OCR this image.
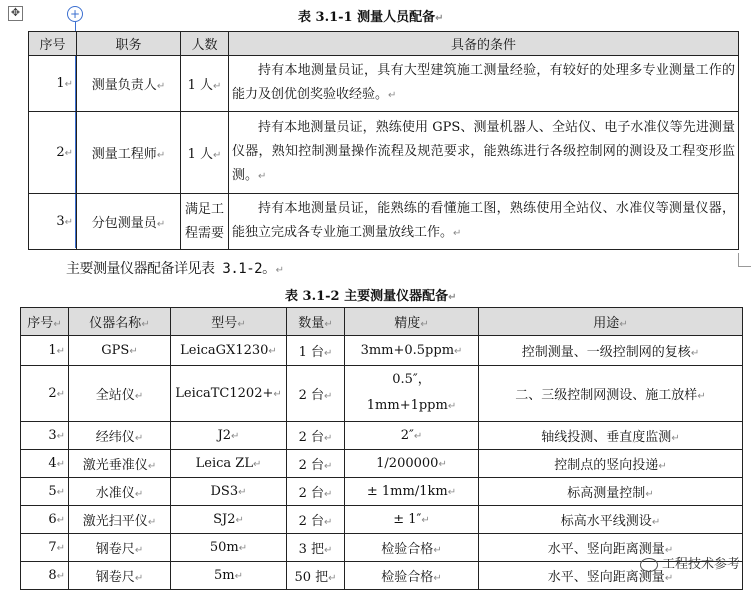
✥	+	表 3.1-1 测量人员配备↵
序号	职务	人数	具备的条件
1↵	测量负责人↵	1 人↵	持有本地测量员证，具有大型建筑施工测量经验，有较好的处理多专业测量工作的能力及创优创奖验收经验。↵
2↵	测量工程师↵	1 人↵	持有本地测量员证，熟练使用 GPS、测量机器人、全站仪、电子水准仪等先进测量仪器，熟知控制测量操作流程及规范要求，能熟练进行各级控制网的测设及工程变形监测。↵
3↵	分包测量员↵	满足工程需要	持有本地测量员证，能熟练的看懂施工图，熟练使用全站仪、水准仪等测量仪器，能独立完成各专业施工测量放线工作。↵
主要测量仪器配备详见表 3.1-2。↵
表 3.1-2 主要测量仪器配备↵
序号↵	仪器名称↵	型号↵	数量↵	精度↵	用途↵
1↵	GPS↵	LeicaGX1230↵	1 台↵	3mm+0.5ppm↵	控制测量、一级控制网的复核↵
2↵	全站仪↵	LeicaTC1202+↵	2 台↵	0.5″，1mm+1ppm↵	二、三级控制网测设、施工放样↵
3↵	经纬仪↵	J2↵	2 台↵	2″↵	轴线投测、垂直度监测↵
4↵	激光垂准仪↵	Leica ZL↵	2 台↵	1/200000↵	控制点的竖向投递↵
5↵	水准仪↵	DS3↵	2 台↵	± 1mm/1km↵	标高测量控制↵
6↵	激光扫平仪↵	SJ2↵	2 台↵	± 1″↵	标高水平线测设↵
7↵	钢卷尺↵	50m↵	3 把↵	检验合格↵	水平、竖向距离测量↵
8↵	钢卷尺↵	5m↵	50 把↵	检验合格↵	水平、竖向距离测量↵
工程技术参考
